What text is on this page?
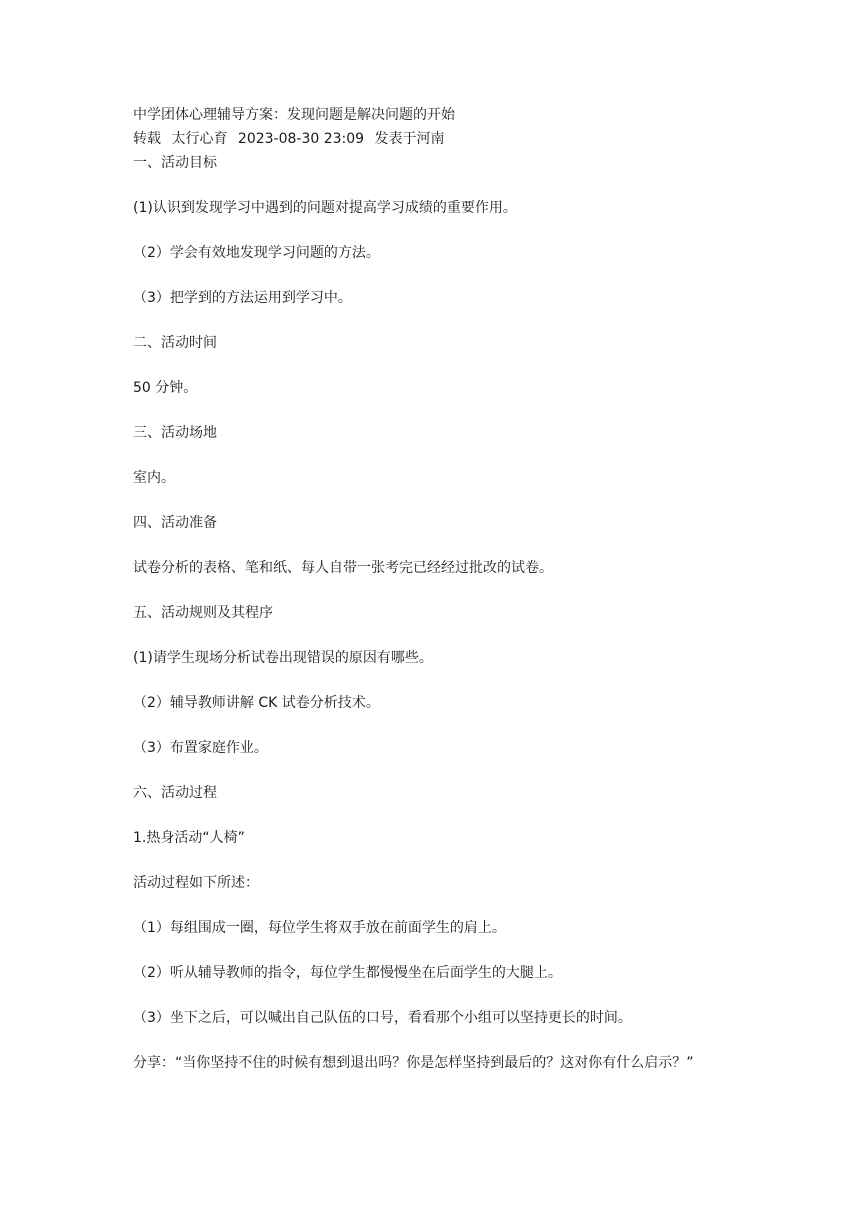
中学团体心理辅导方案：发现问题是解决问题的开始

转载 太行心育 2023-08-30 23:09 发表于河南

一、活动目标

(1)认识到发现学习中遇到的问题对提高学习成绩的重要作用。

（2）学会有效地发现学习问题的方法。

（3）把学到的方法运用到学习中。

二、活动时间

50 分钟。

三、活动场地

室内。

四、活动准备

试卷分析的表格、笔和纸、每人自带一张考完已经经过批改的试卷。

五、活动规则及其程序

(1)请学生现场分析试卷出现错误的原因有哪些。

（2）辅导教师讲解 CK 试卷分析技术。

（3）布置家庭作业。

六、活动过程

1.热身活动“人椅”

活动过程如下所述：

（1）每组围成一圈，每位学生将双手放在前面学生的肩上。

（2）听从辅导教师的指令，每位学生都慢慢坐在后面学生的大腿上。

（3）坐下之后，可以喊出自己队伍的口号，看看那个小组可以坚持更长的时间。

分享：“当你坚持不住的时候有想到退出吗？你是怎样坚持到最后的？这对你有什么启示？”
